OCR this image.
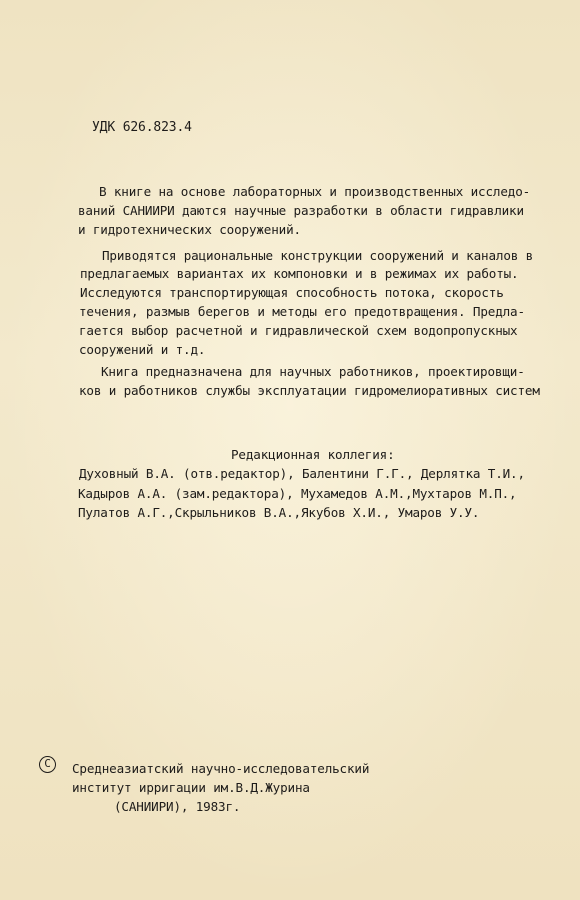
УДК 626.823.4
В книге на основе лабораторных и производственных исследо-
ваний САНИИРИ даются научные разработки в области гидравлики
и гидротехнических сооружений.
Приводятся рациональные конструкции сооружений и каналов в
предлагаемых вариантах их компоновки и в режимах их работы.
Исследуются транспортирующая способность потока, скорость
течения, размыв берегов и методы его предотвращения. Предла-
гается выбор расчетной и гидравлической схем водопропускных
сооружений и т.д.
Книга предназначена для научных работников, проектировщи-
ков и работников службы эксплуатации гидромелиоративных систем
Редакционная коллегия:
Духовный В.А. (отв.редактор), Балентини Г.Г., Дерлятка Т.И.,
Кадыров А.А. (зам.редактора), Мухамедов А.М.,Мухтаров М.П.,
Пулатов А.Г.,Скрыльников В.А.,Якубов Х.И., Умаров У.У.
C	Среднеазиатский научно-исследовательский
институт ирригации им.В.Д.Журина
(САНИИРИ), 1983г.
